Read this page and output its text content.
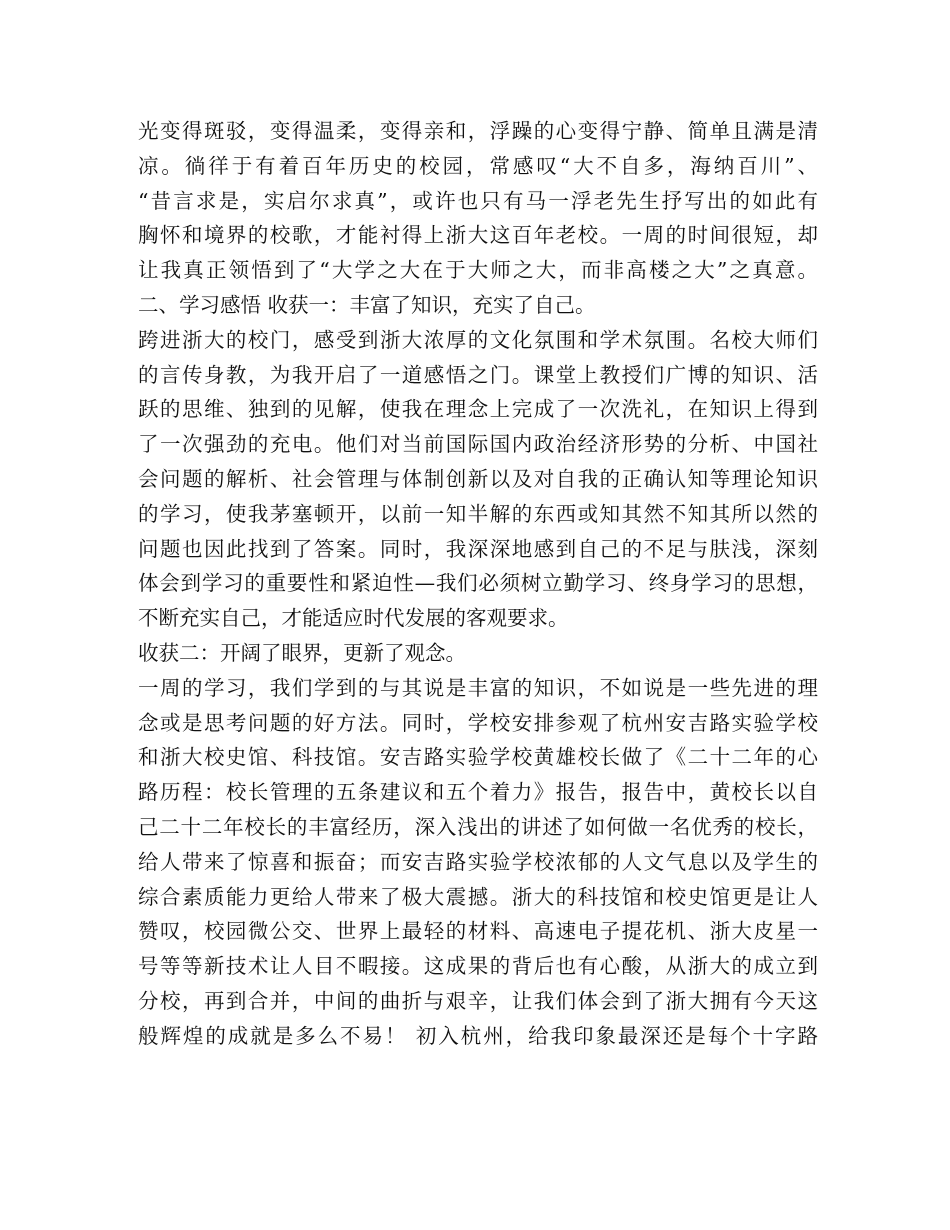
光变得斑驳，变得温柔，变得亲和，浮躁的心变得宁静、简单且满是清
凉。徜徉于有着百年历史的校园，常感叹“大不自多，海纳百川”、
“昔言求是，实启尔求真”，或许也只有马一浮老先生抒写出的如此有
胸怀和境界的校歌，才能衬得上浙大这百年老校。一周的时间很短，却
让我真正领悟到了“大学之大在于大师之大，而非高楼之大”之真意。
二、学习感悟 收获一：丰富了知识，充实了自己。
跨进浙大的校门，感受到浙大浓厚的文化氛围和学术氛围。名校大师们
的言传身教，为我开启了一道感悟之门。课堂上教授们广博的知识、活
跃的思维、独到的见解，使我在理念上完成了一次洗礼，在知识上得到
了一次强劲的充电。他们对当前国际国内政治经济形势的分析、中国社
会问题的解析、社会管理与体制创新以及对自我的正确认知等理论知识
的学习，使我茅塞顿开，以前一知半解的东西或知其然不知其所以然的
问题也因此找到了答案。同时，我深深地感到自己的不足与肤浅，深刻
体会到学习的重要性和紧迫性—我们必须树立勤学习、终身学习的思想，
不断充实自己，才能适应时代发展的客观要求。
收获二：开阔了眼界，更新了观念。
一周的学习，我们学到的与其说是丰富的知识，不如说是一些先进的理
念或是思考问题的好方法。同时，学校安排参观了杭州安吉路实验学校
和浙大校史馆、科技馆。安吉路实验学校黄雄校长做了《二十二年的心
路历程：校长管理的五条建议和五个着力》报告，报告中，黄校长以自
己二十二年校长的丰富经历，深入浅出的讲述了如何做一名优秀的校长，
给人带来了惊喜和振奋；而安吉路实验学校浓郁的人文气息以及学生的
综合素质能力更给人带来了极大震撼。浙大的科技馆和校史馆更是让人
赞叹，校园微公交、世界上最轻的材料、高速电子提花机、浙大皮星一
号等等新技术让人目不暇接。这成果的背后也有心酸，从浙大的成立到
分校，再到合并，中间的曲折与艰辛，让我们体会到了浙大拥有今天这
般辉煌的成就是多么不易！ 初入杭州，给我印象最深还是每个十字路
